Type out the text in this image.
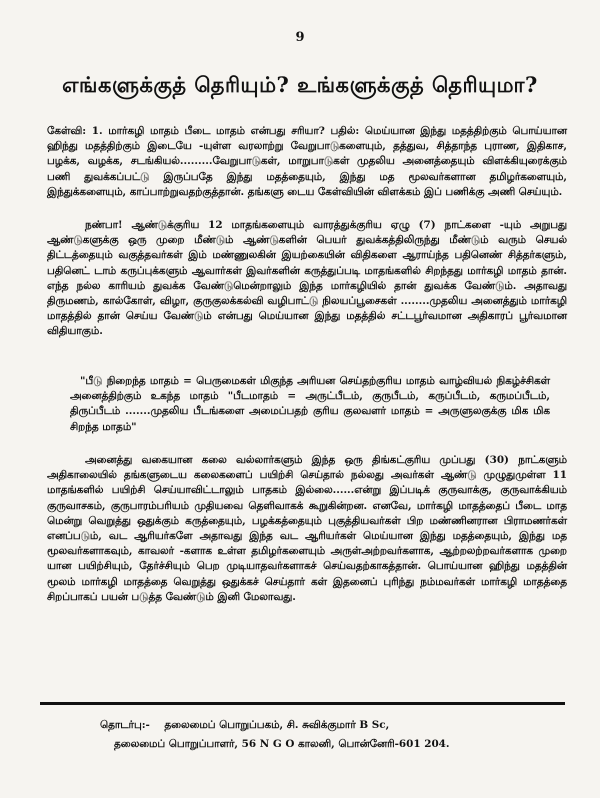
9
எங்களுக்குத் தெரியும்? உங்களுக்குத் தெரியுமா?

கேள்வி: 1. மார்கழி மாதம் பீடை மாதம் என்பது சரியா? பதில்: மெய்யான இந்து மதத்திற்கும் பொய்யான ஹிந்து மதத்திற்கும் இடையே -யுள்ள வரலாற்று வேறுபாடுகளையும், தத்துவ, சித்தாந்த புராண, இதிகாச, பழக்க, வழக்க, சடங்கியல்.........வேறுபாடுகள், மாறுபாடுகள் முதலிய அனைத்தையும் விளக்கியுரைக்கும் பணி துவக்கப்பட்டு இருப்பதே இந்து மதத்தையும், இந்து மத மூலவர்களான தமிழர்களையும், இந்துக்களையும், காப்பாற்றுவதற்குத்தான். தங்களு டைய கேள்வியின் விளக்கம் இப் பணிக்கு அணி செய்யும்.

நண்பா! ஆண்டுக்குரிய 12 மாதங்களையும் வாரத்துக்குரிய ஏழு (7) நாட்களை -யும் அறுபது ஆண்டுகளுக்கு ஒரு முறை மீண்டும் ஆண்டுகளின் பெயர் துவக்கத்திலிருந்து மீண்டும் வரும் செயல் திட்டத்தையும் வகுத்தவர்கள் இம் மண்ணுலகின் இயற்கையின் விதிகளை ஆராய்ந்த பதினெண் சித்தர்களும், பதினெட் டாம் கருப்புக்களும் ஆவார்கள் இவர்களின் கருத்துப்படி மாதங்களில் சிறந்தது மார்கழி மாதம் தான். எந்த நல்ல காரியம் துவக்க வேண்டுமென்றாலும் இந்த மார்கழியில் தான் துவக்க வேண்டும். அதாவது திருமணம், கால்கோள், விழா, குருகுலக்கல்வி வழிபாட்டு நிலயப்பூசைகள் ........முதலிய அனைத்தும் மார்கழி மாதத்தில் தான் செய்ய வேண்டும் என்பது மெய்யான இந்து மதத்தில் சட்டபூர்வமான அதிகாரப் பூர்வமான விதியாகும்.

"பீடு நிறைந்த மாதம் = பெருமைகள் மிகுந்த அரியன செய்தற்குரிய மாதம் வாழ்வியல் நிகழ்ச்சிகள் அனைத்திற்கும் உகந்த மாதம் "பீடமாதம் = அருட்பீடம், குருபீடம், கருப்பீடம், கருமப்பீடம், திருப்பீடம் .......முதலிய பீடங்களை அமைப்பதற் குரிய குலவளர் மாதம் = அருளுலகுக்கு மிக மிக சிறந்த மாதம்"

அனைத்து வகையான கலை வல்லார்களும் இந்த ஒரு திங்கட்குரிய முப்பது (30) நாட்களும் அதிகாலையில் தங்களுடைய கலைகளைப் பயிற்சி செய்தால் நல்லது அவர்கள் ஆண்டு முழுதுமுள்ள 11 மாதங்களில் பயிற்சி செய்யாவிட்டாலும் பாதகம் இல்லை......என்று இப்படிக் குருவாக்கு, குருவாக்கியம் குருவாசகம், குருபாரம்பரியம் முதியவை தெளிவாகக் கூறுகின்றன. எனவே, மார்கழி மாதத்தைப் பீடை மாத மென்று வெறுத்து ஒதுக்கும் கருத்தையும், பழக்கத்தையும் புகுத்தியவர்கள் பிற மண்ணினரான பிராமணர்கள் எனப்படும், வட ஆரியர்களே அதாவது இந்த வட ஆரியர்கள் மெய்யான இந்து மதத்தையும், இந்து மத மூலவர்களாகவும், காவலர் -களாக உள்ள தமிழர்களையும் அருள்அற்றவர்களாக, ஆற்றலற்றவர்களாக முறை யான பயிற்சியும், தேர்ச்சியும் பெற முடியாதவர்களாகச் செய்வதற்காகத்தான். பொய்யான ஹிந்து மதத்தின் மூலம் மார்கழி மாதத்தை வெறுத்து ஒதுக்கச் செய்தார் கள் இதனைப் புரிந்து நம்மவர்கள் மார்கழி மாதத்தை சிறப்பாகப் பயன் படுத்த வேண்டும் இனி மேலாவது.

தொடர்பு:- தலைமைப் பொறுப்பகம், சி. சுவிக்குமார் B Sc,
தலைமைப் பொறுப்பாளர், 56 N G O காலனி, பொன்னேரி-601 204.
